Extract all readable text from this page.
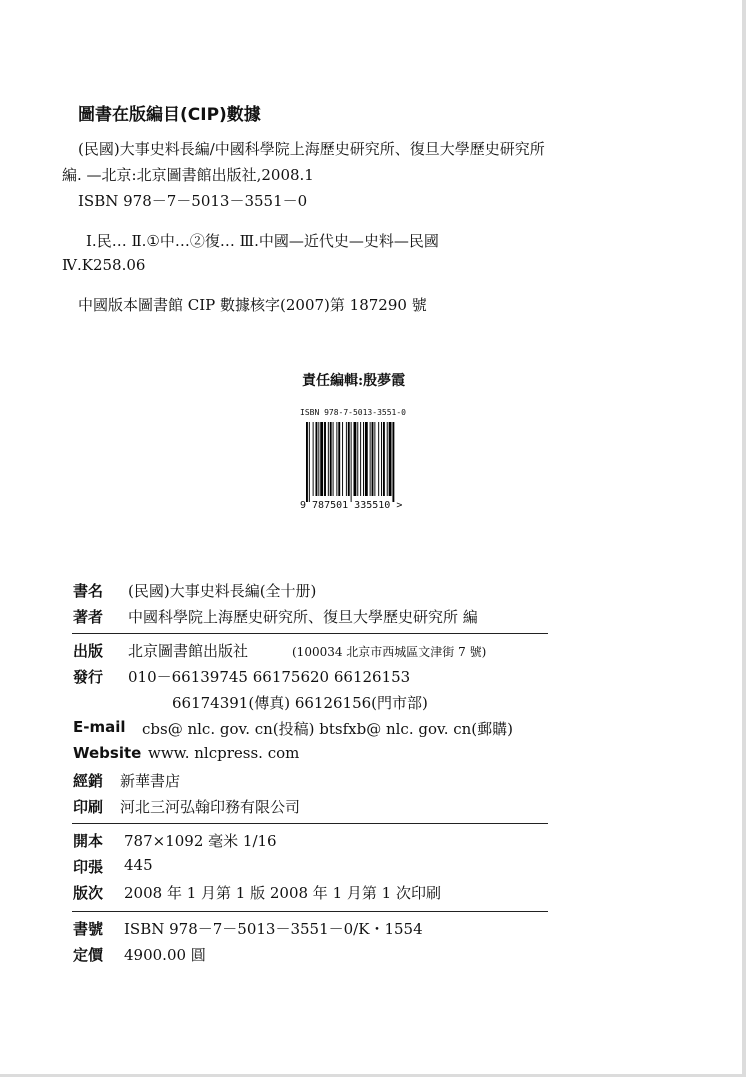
圖書在版編目(CIP)數據
(民國)大事史料長編/中國科學院上海歷史研究所、復旦大學歷史研究所
編. —北京:北京圖書館出版社,2008.1
ISBN 978－7－5013－3551－0
Ⅰ.民… Ⅱ.①中…②復… Ⅲ.中國—近代史—史料—民國
Ⅳ.K258.06
中國版本圖書館 CIP 數據核字(2007)第 187290 號
責任編輯:殷夢霞
ISBN 978-7-5013-3551-0
9 787501 335510 >
書名 (民國)大事史料長編(全十册)
著者 中國科學院上海歷史研究所、復旦大學歷史研究所 編
出版 北京圖書館出版社	(100034 北京市西城區文津街 7 號)
發行 010－66139745 66175620 66126153
66174391(傳真) 66126156(門市部)
E-mail cbs@ nlc. gov. cn(投稿) btsfxb@ nlc. gov. cn(郵購)
Website www. nlcpress. com
經銷 新華書店
印刷 河北三河弘翰印務有限公司
開本 787×1092 毫米 1/16
印張 445
版次 2008 年 1 月第 1 版 2008 年 1 月第 1 次印刷
書號 ISBN 978－7－5013－3551－0/K・1554
定價 4900.00 圓
